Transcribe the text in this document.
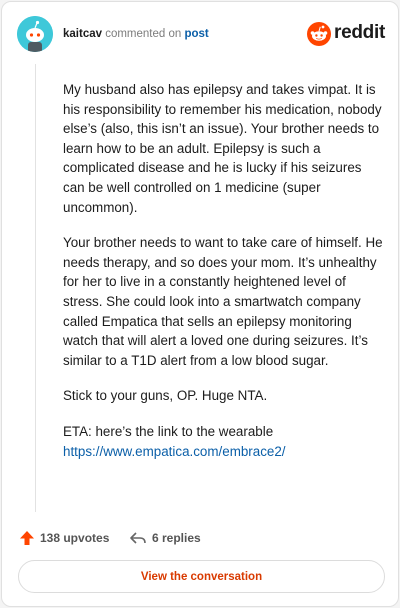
kaitcav commented on post	reddit

My husband also has epilepsy and takes vimpat. It is his responsibility to remember his medication, nobody else’s (also, this isn’t an issue). Your brother needs to learn how to be an adult. Epilepsy is such a complicated disease and he is lucky if his seizures can be well controlled on 1 medicine (super uncommon).

Your brother needs to want to take care of himself. He needs therapy, and so does your mom. It’s unhealthy for her to live in a constantly heightened level of stress. She could look into a smartwatch company called Empatica that sells an epilepsy monitoring watch that will alert a loved one during seizures. It’s similar to a T1D alert from a low blood sugar.

Stick to your guns, OP. Huge NTA.

ETA: here’s the link to the wearable
https://www.empatica.com/embrace2/

138 upvotes	6 replies
View the conversation
